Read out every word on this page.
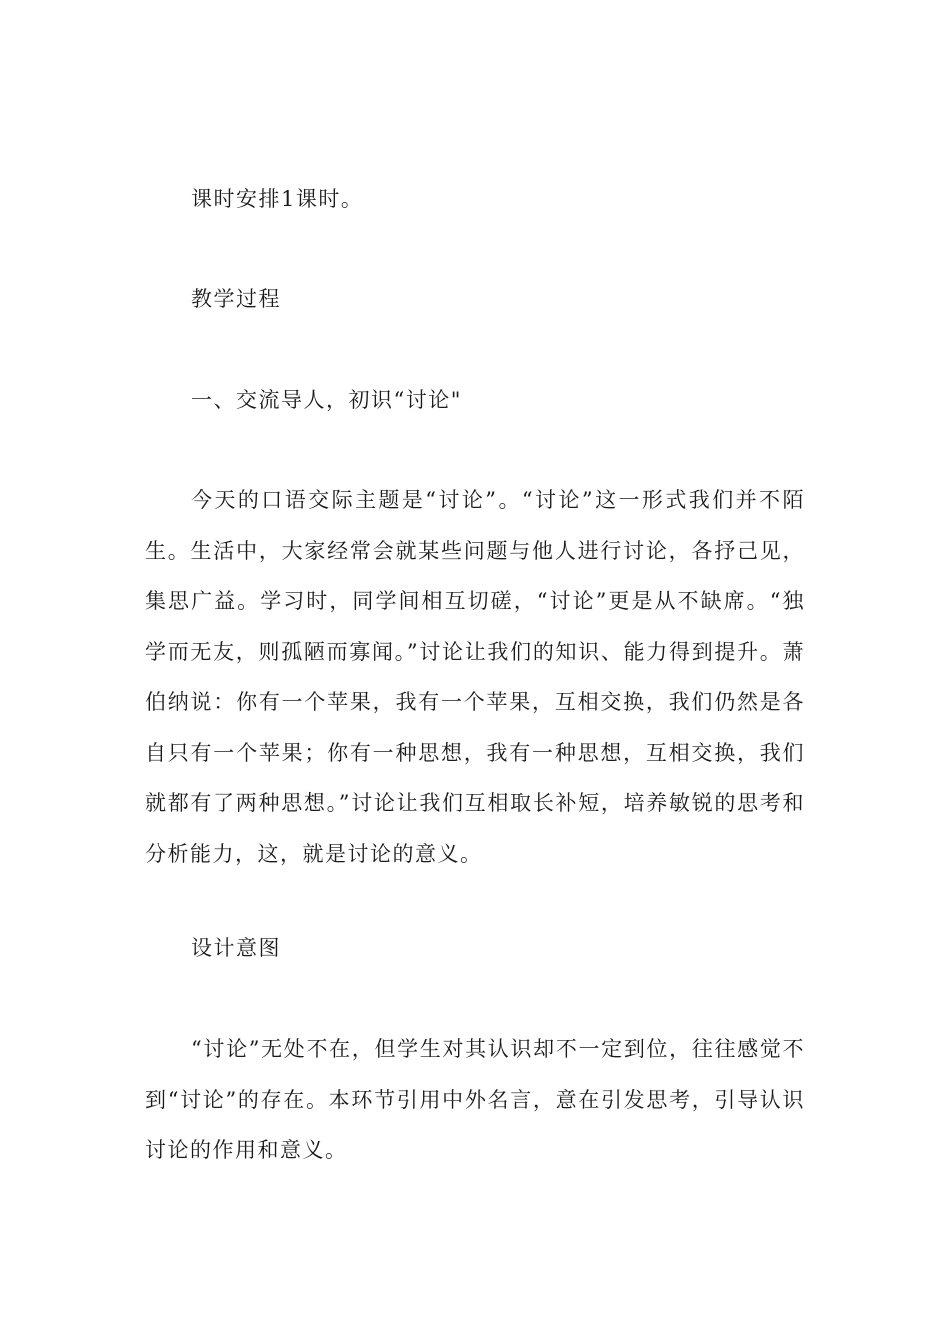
课时安排1课时。

教学过程

一、交流导人，初识“讨论"

今天的口语交际主题是“讨论”。“讨论”这一形式我们并不陌生。生活中，大家经常会就某些问题与他人进行讨论，各抒己见，集思广益。学习时，同学间相互切磋，“讨论”更是从不缺席。“独学而无友，则孤陋而寡闻。”讨论让我们的知识、能力得到提升。萧伯纳说：你有一个苹果，我有一个苹果，互相交换，我们仍然是各自只有一个苹果；你有一种思想，我有一种思想，互相交换，我们就都有了两种思想。”讨论让我们互相取长补短，培养敏锐的思考和分析能力，这，就是讨论的意义。

设计意图

“讨论”无处不在，但学生对其认识却不一定到位，往往感觉不到“讨论”的存在。本环节引用中外名言，意在引发思考，引导认识讨论的作用和意义。
